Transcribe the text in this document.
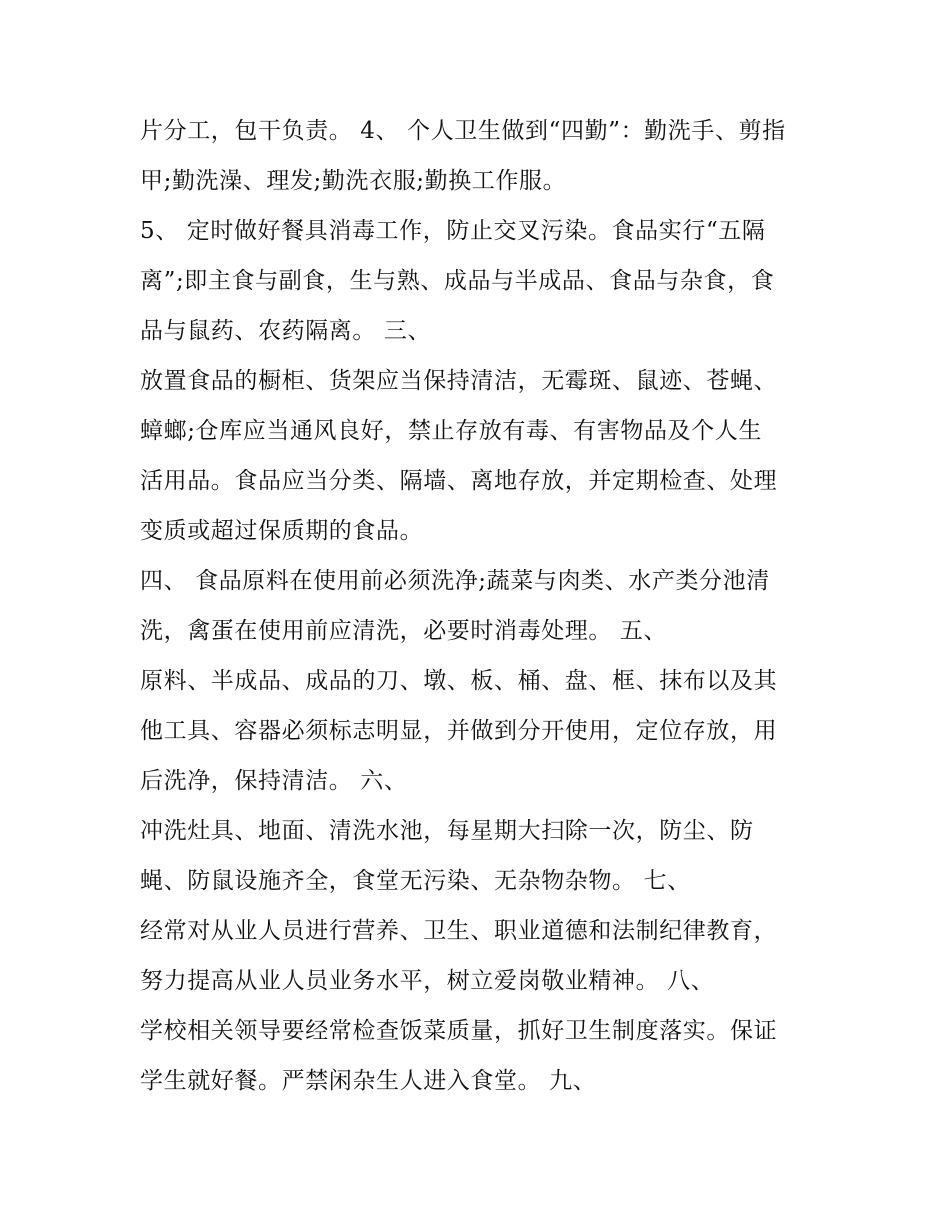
片分工，包干负责。 4、 个人卫生做到“四勤”：勤洗手、剪指
甲;勤洗澡、理发;勤洗衣服;勤换工作服。
5、 定时做好餐具消毒工作，防止交叉污染。食品实行“五隔
离”;即主食与副食，生与熟、成品与半成品、食品与杂食，食
品与鼠药、农药隔离。 三、
放置食品的橱柜、货架应当保持清洁，无霉斑、鼠迹、苍蝇、
蟑螂;仓库应当通风良好，禁止存放有毒、有害物品及个人生
活用品。食品应当分类、隔墙、离地存放，并定期检查、处理
变质或超过保质期的食品。
四、 食品原料在使用前必须洗净;蔬菜与肉类、水产类分池清
洗，禽蛋在使用前应清洗，必要时消毒处理。 五、
原料、半成品、成品的刀、墩、板、桶、盘、框、抹布以及其
他工具、容器必须标志明显，并做到分开使用，定位存放，用
后洗净，保持清洁。 六、
冲洗灶具、地面、清洗水池，每星期大扫除一次，防尘、防
蝇、防鼠设施齐全，食堂无污染、无杂物杂物。 七、
经常对从业人员进行营养、卫生、职业道德和法制纪律教育，
努力提高从业人员业务水平，树立爱岗敬业精神。 八、
学校相关领导要经常检查饭菜质量，抓好卫生制度落实。保证
学生就好餐。严禁闲杂生人进入食堂。 九、
